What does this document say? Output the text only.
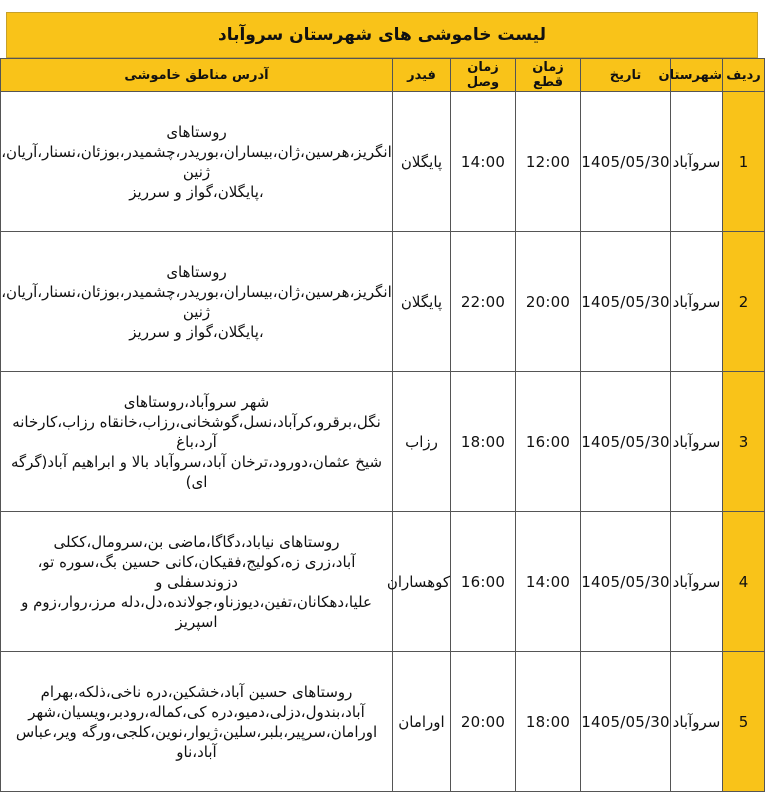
لیست خاموشی های شهرستان سروآباد
ردیف	شهرستان	تاریخ	زمان قطع	زمان وصل	فیدر	آدرس مناطق خاموشی
1	سروآباد	1405/05/30	12:00	14:00	پایگلان	روستاهای
انگریز،هرسین،ژان،بیساران،بوریدر،چشمیدر،بوزئان،نسنار،آریان،ژنین
،پایگلان،گواز و سرریز

2	سروآباد	1405/05/30	20:00	22:00	پایگلان	روستاهای
انگریز،هرسین،ژان،بیساران،بوریدر،چشمیدر،بوزئان،نسنار،آریان،ژنین
،پایگلان،گواز و سرریز

3	سروآباد	1405/05/30	16:00	18:00	رزاب	شهر سروآباد،روستاهای
نگل،برقرو،کرآباد،نسل،گوشخانی،رزاب،خانقاه رزاب،کارخانه آرد،باغ
شیخ عثمان،دورود،ترخان آباد،سروآباد بالا و ابراهیم آباد(گرگه ای)

4	سروآباد	1405/05/30	14:00	16:00	کوهساران	روستاهای نیاباد،دگاگا،ماضی بن،سرومال،ککلی
آباد،زری زه،کولیج،فقیکان،کانی حسین بگ،سوره تو، دزوندسفلی و
علیا،دهکانان،تفین،دیوزناو،جولانده،دل،دله مرز،روار،زوم و اسپریز

5	سروآباد	1405/05/30	18:00	20:00	اورامان	روستاهای حسین آباد،خشکین،دره ناخی،ذلکه،بهرام
آباد،بندول،دزلی،دمیو،دره کی،کماله،رودبر،ویسیان،شهر
اورامان،سرپیر،بلبر،سلین،ژیوار،نوین،کلجی،ورگه ویر،عباس آباد،ناو
